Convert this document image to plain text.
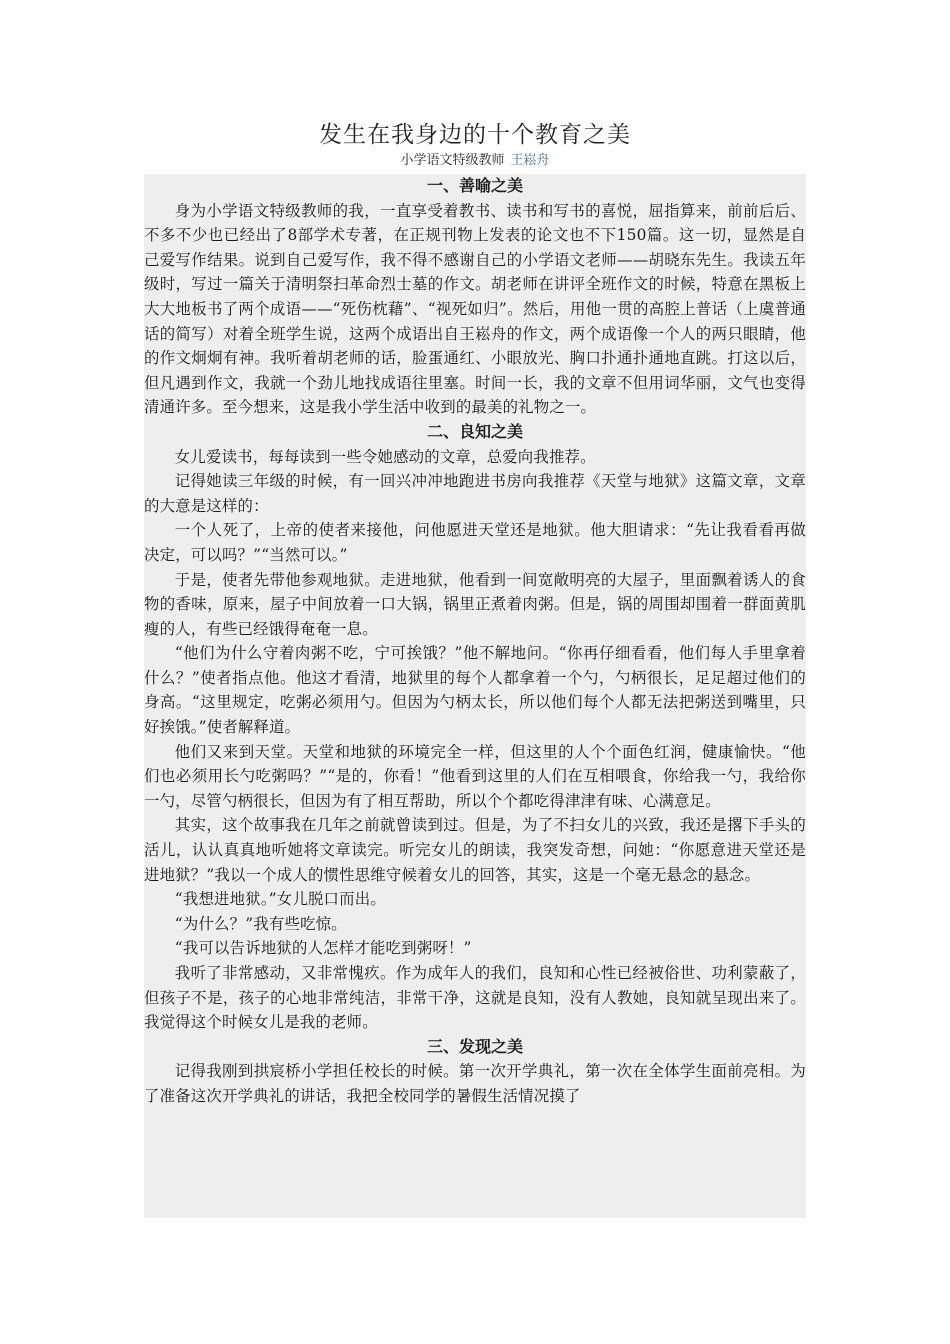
发生在我身边的十个教育之美
小学语文特级教师 王崧舟
一、善喻之美

身为小学语文特级教师的我，一直享受着教书、读书和写书的喜悦，屈指算来，前前后后、不多不少也已经出了8部学术专著，在正规刊物上发表的论文也不下150篇。这一切，显然是自己爱写作结果。说到自己爱写作，我不得不感谢自己的小学语文老师——胡晓东先生。我读五年级时，写过一篇关于清明祭扫革命烈士墓的作文。胡老师在讲评全班作文的时候，特意在黑板上大大地板书了两个成语——“死伤枕藉”、“视死如归”。然后，用他一贯的高腔上普话（上虞普通话的简写）对着全班学生说，这两个成语出自王崧舟的作文，两个成语像一个人的两只眼睛，他的作文炯炯有神。我听着胡老师的话，脸蛋通红、小眼放光、胸口扑通扑通地直跳。打这以后，但凡遇到作文，我就一个劲儿地找成语往里塞。时间一长，我的文章不但用词华丽，文气也变得清通许多。至今想来，这是我小学生活中收到的最美的礼物之一。

二、良知之美

女儿爱读书，每每读到一些令她感动的文章，总爱向我推荐。

记得她读三年级的时候，有一回兴冲冲地跑进书房向我推荐《天堂与地狱》这篇文章，文章的大意是这样的：

一个人死了，上帝的使者来接他，问他愿进天堂还是地狱。他大胆请求：“先让我看看再做决定，可以吗？”“当然可以。”

于是，使者先带他参观地狱。走进地狱，他看到一间宽敞明亮的大屋子，里面飘着诱人的食物的香味，原来，屋子中间放着一口大锅，锅里正煮着肉粥。但是，锅的周围却围着一群面黄肌瘦的人，有些已经饿得奄奄一息。

“他们为什么守着肉粥不吃，宁可挨饿？”他不解地问。“你再仔细看看，他们每人手里拿着什么？”使者指点他。他这才看清，地狱里的每个人都拿着一个勺，勺柄很长，足足超过他们的身高。“这里规定，吃粥必须用勺。但因为勺柄太长，所以他们每个人都无法把粥送到嘴里，只好挨饿。”使者解释道。

他们又来到天堂。天堂和地狱的环境完全一样，但这里的人个个面色红润，健康愉快。“他们也必须用长勺吃粥吗？”“是的，你看！”他看到这里的人们在互相喂食，你给我一勺，我给你一勺，尽管勺柄很长，但因为有了相互帮助，所以个个都吃得津津有味、心满意足。

其实，这个故事我在几年之前就曾读到过。但是，为了不扫女儿的兴致，我还是撂下手头的活儿，认认真真地听她将文章读完。听完女儿的朗读，我突发奇想，问她：“你愿意进天堂还是进地狱？”我以一个成人的惯性思维守候着女儿的回答，其实，这是一个毫无悬念的悬念。

“我想进地狱。”女儿脱口而出。

“为什么？”我有些吃惊。

“我可以告诉地狱的人怎样才能吃到粥呀！”

我听了非常感动，又非常愧疚。作为成年人的我们，良知和心性已经被俗世、功利蒙蔽了，但孩子不是，孩子的心地非常纯洁，非常干净，这就是良知，没有人教她，良知就呈现出来了。我觉得这个时候女儿是我的老师。

三、发现之美

记得我刚到拱宸桥小学担任校长的时候。第一次开学典礼，第一次在全体学生面前亮相。为了准备这次开学典礼的讲话，我把全校同学的暑假生活情况摸了
